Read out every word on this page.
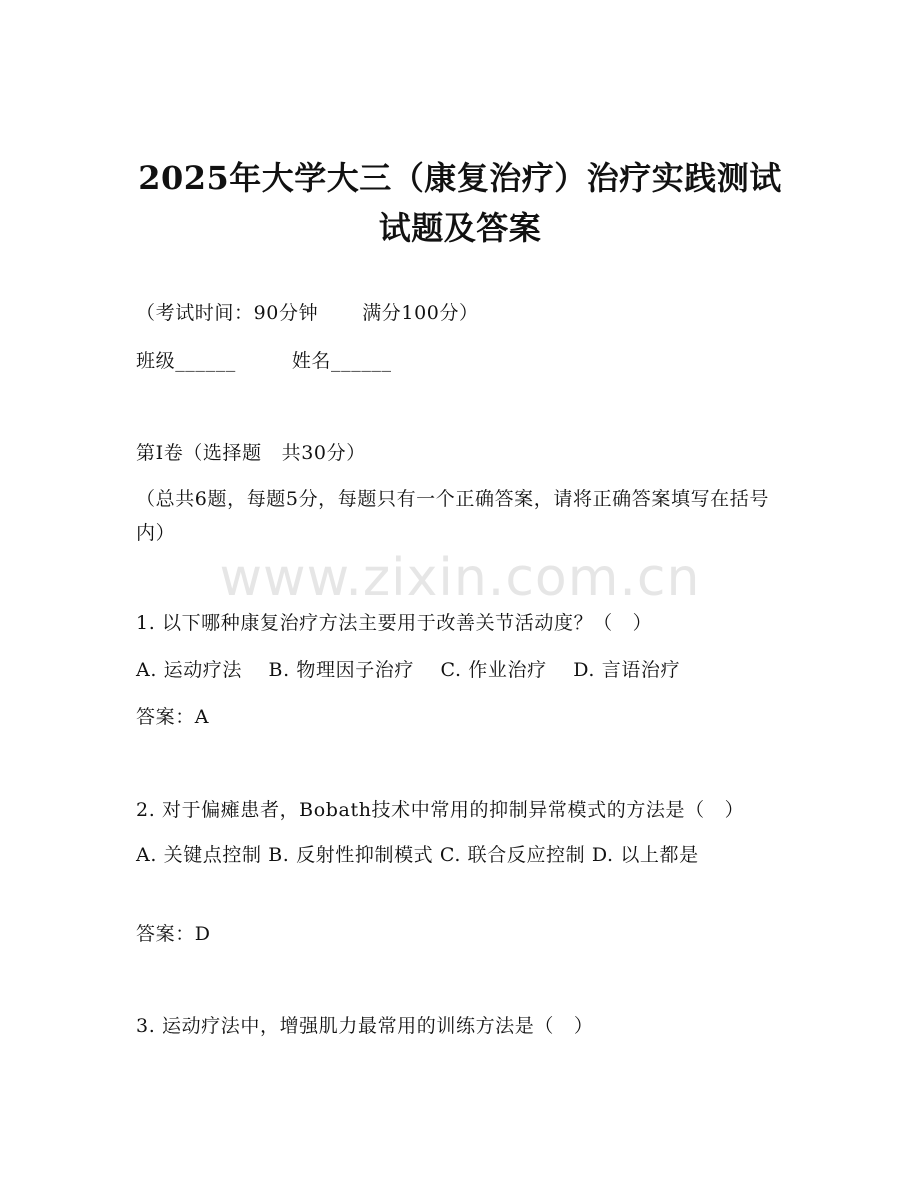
2025年大学大三（康复治疗）治疗实践测试
试题及答案
（考试时间：90分钟 满分100分）
班级______	姓名______
第I卷（选择题   共30分）
（总共6题，每题5分，每题只有一个正确答案，请将正确答案填写在括号内）
www.zixin.com.cn
1. 以下哪种康复治疗方法主要用于改善关节活动度？（   ）
A. 运动疗法    B. 物理因子治疗    C. 作业治疗    D. 言语治疗
答案：A
2. 对于偏瘫患者，Bobath技术中常用的抑制异常模式的方法是（   ）
A. 关键点控制 B. 反射性抑制模式 C. 联合反应控制 D. 以上都是
答案：D
3. 运动疗法中，增强肌力最常用的训练方法是（   ）
